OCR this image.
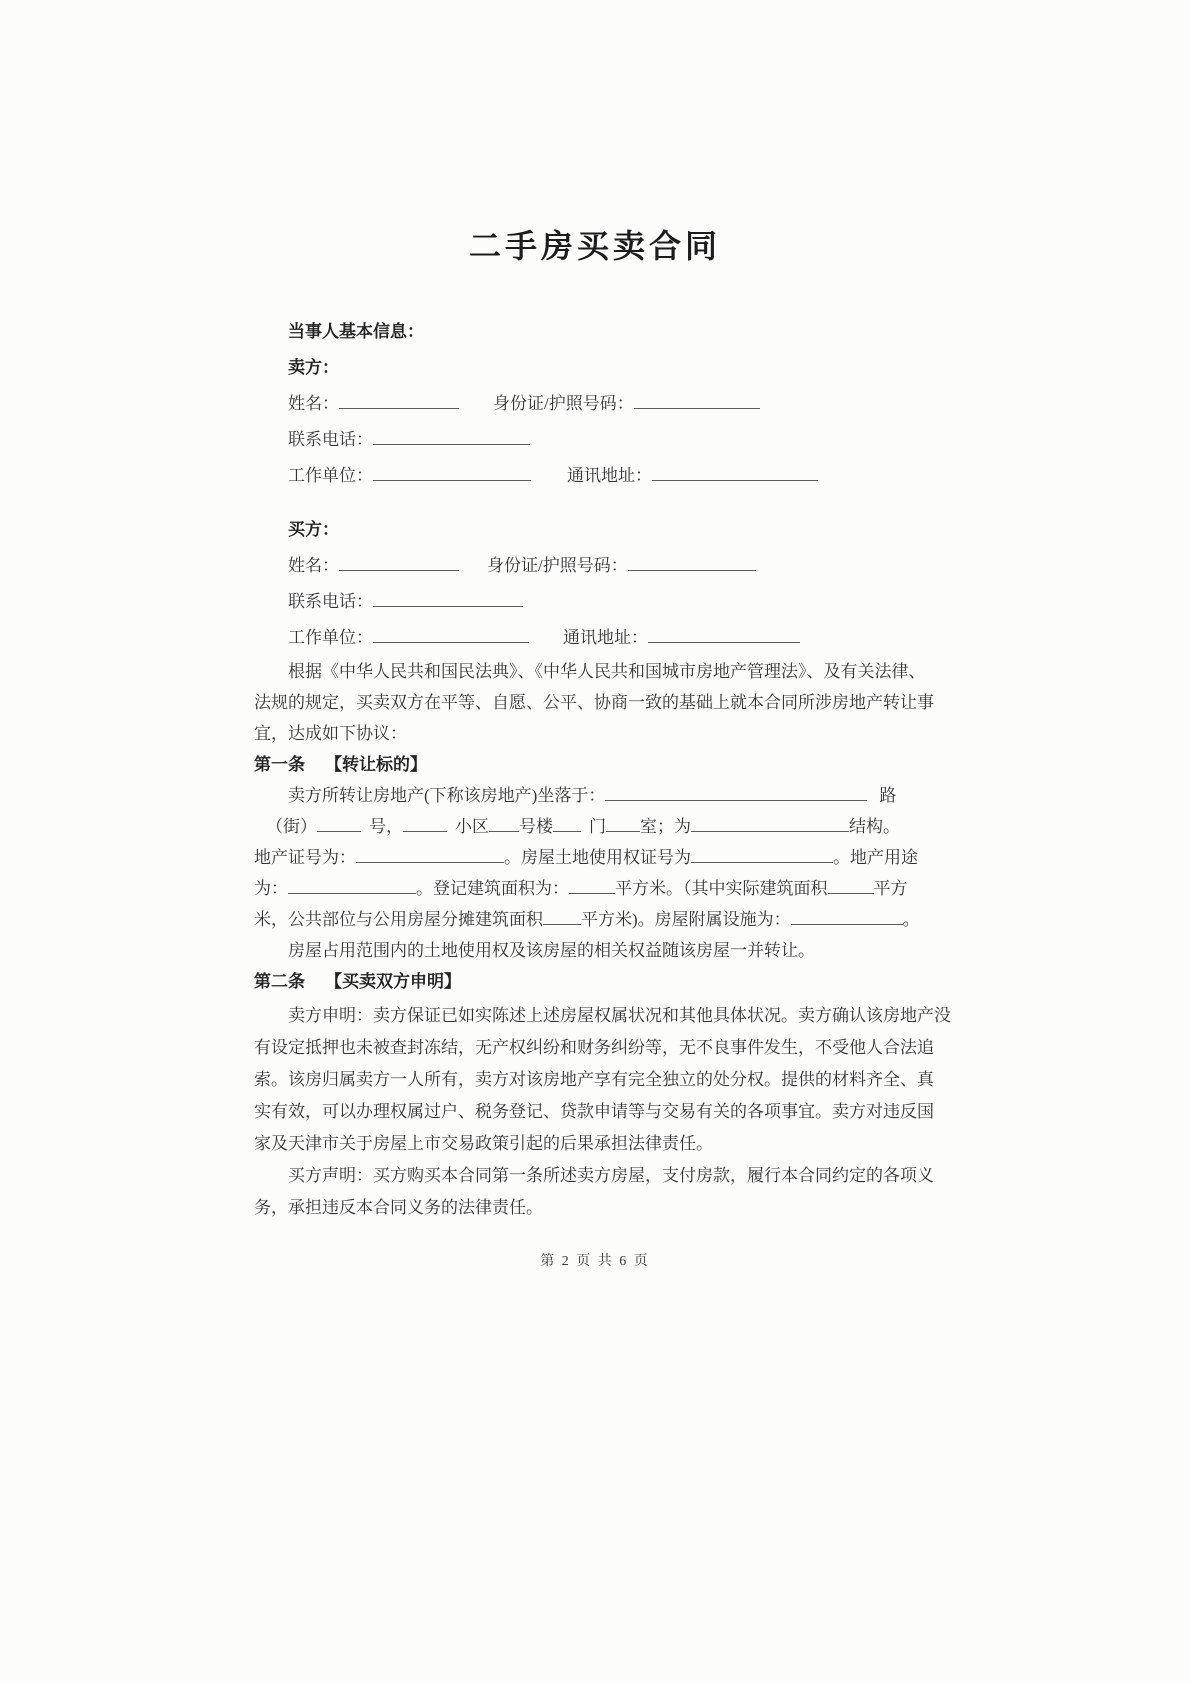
二手房买卖合同
当事人基本信息：
卖方：
姓名：	身份证/护照号码：
联系电话：
工作单位：	通讯地址：
买方：
姓名：	身份证/护照号码：
联系电话：
工作单位：	通讯地址：
根据《中华人民共和国民法典》、《中华人民共和国城市房地产管理法》、及有关法律、
法规的规定，买卖双方在平等、自愿、公平、协商一致的基础上就本合同所涉房地产转让事
宜，达成如下协议：
第一条 【转让标的】
卖方所转让房地产(下称该房地产)坐落于：	路
（街）	号，	小区 号楼 门 室；为	结构。
地产证号为：	。房屋土地使用权证号为	。地产用途
为：	。登记建筑面积为：	平方米。（其中实际建筑面积	平方
米，公共部位与公用房屋分摊建筑面积 平方米)。房屋附属设施为：	。
房屋占用范围内的土地使用权及该房屋的相关权益随该房屋一并转让。
第二条 【买卖双方申明】
卖方申明：卖方保证已如实陈述上述房屋权属状况和其他具体状况。卖方确认该房地产没
有设定抵押也未被查封冻结，无产权纠纷和财务纠纷等，无不良事件发生，不受他人合法追
索。该房归属卖方一人所有，卖方对该房地产享有完全独立的处分权。提供的材料齐全、真
实有效，可以办理权属过户、税务登记、贷款申请等与交易有关的各项事宜。卖方对违反国
家及天津市关于房屋上市交易政策引起的后果承担法律责任。
买方声明：买方购买本合同第一条所述卖方房屋，支付房款，履行本合同约定的各项义
务，承担违反本合同义务的法律责任。
第 2 页 共 6 页
